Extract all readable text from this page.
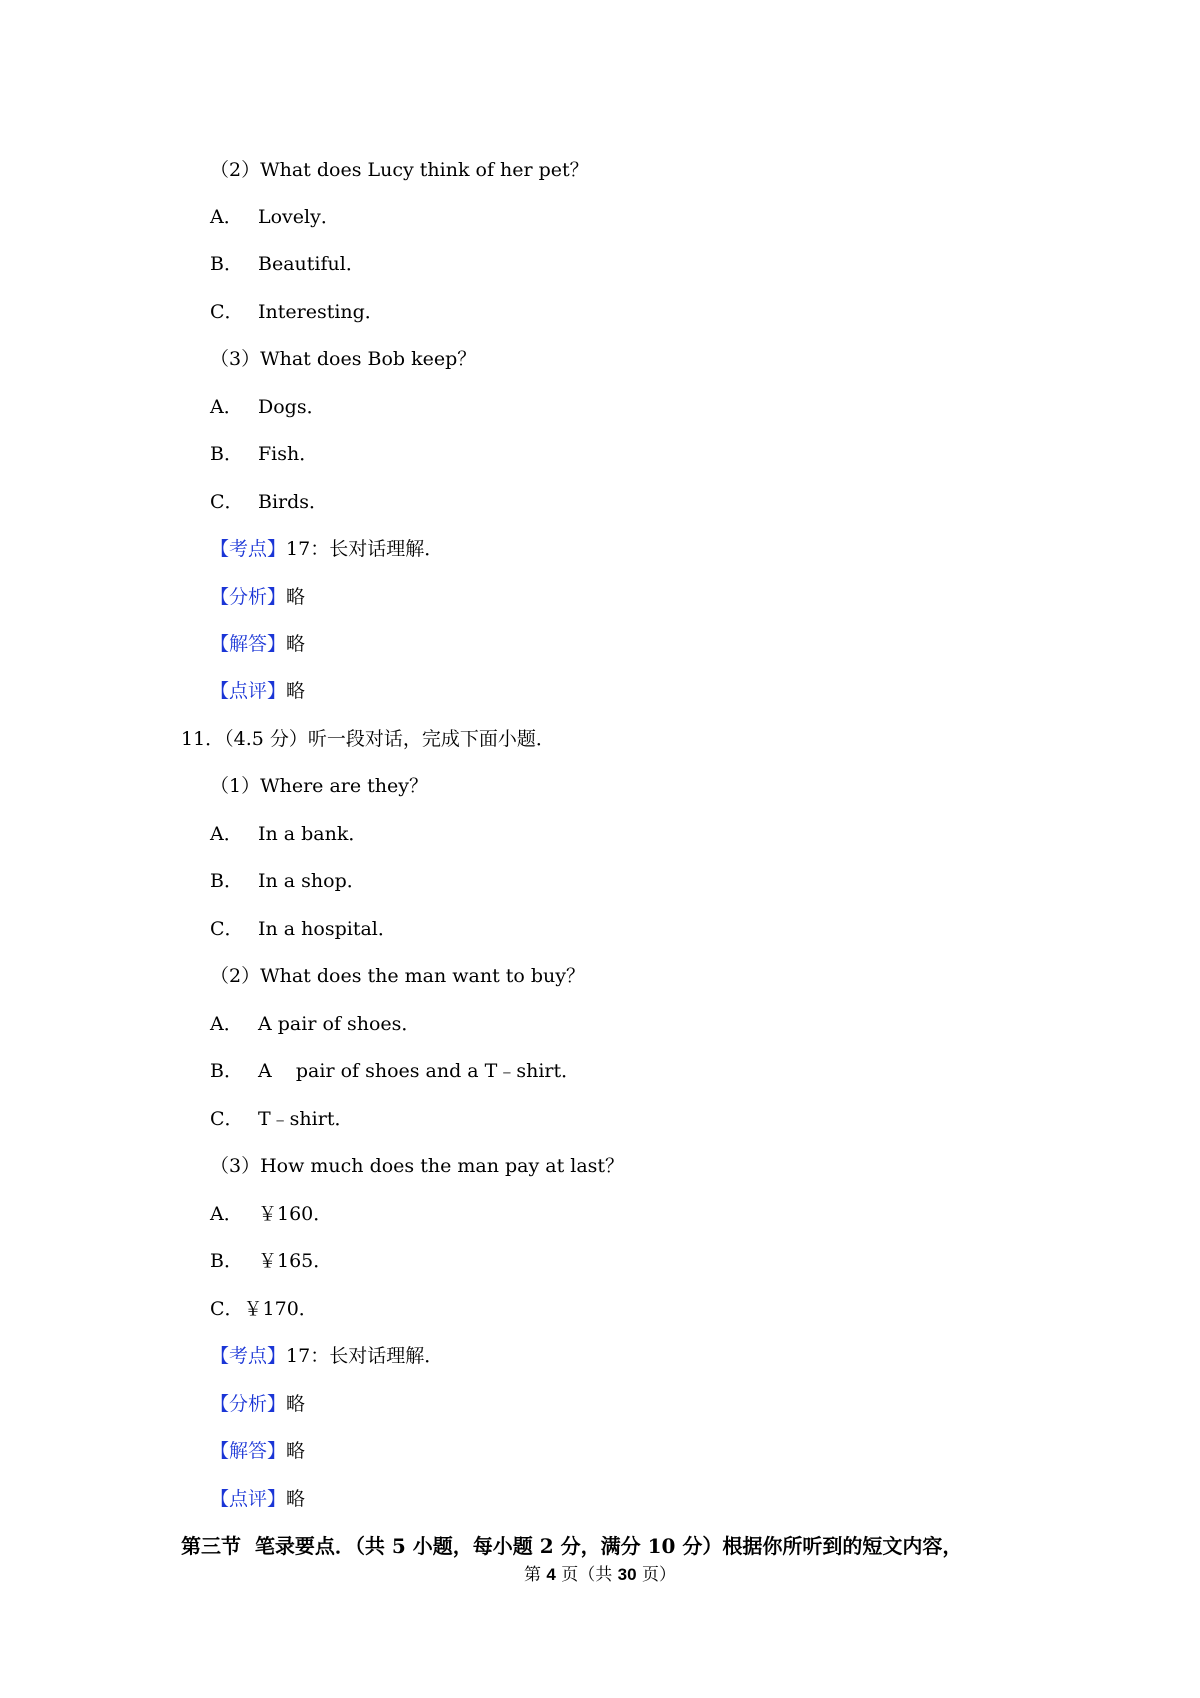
（2）What does Lucy think of her pet？

A． Lovely．

B． Beautiful．

C． Interesting．

（3）What does Bob keep？

A． Dogs．

B． Fish．

C． Birds．

【考点】17：长对话理解．

【分析】略

【解答】略

【点评】略

11．（4.5 分）听一段对话，完成下面小题．

（1）Where are they？

A． In a bank．

B． In a shop．

C． In a hospital．

（2）What does the man want to buy？

A． A pair of shoes．

B． A    pair of shoes and a T﹣shirt．

C． T﹣shirt．

（3）How much does the man pay at last？

A． ￥160．

B． ￥165．

C．￥170．

【考点】17：长对话理解．

【分析】略

【解答】略

【点评】略

第三节  笔录要点．（共 5 小题，每小题 2 分，满分 10 分）根据你所听到的短文内容，

第 4 页（共 30 页）
